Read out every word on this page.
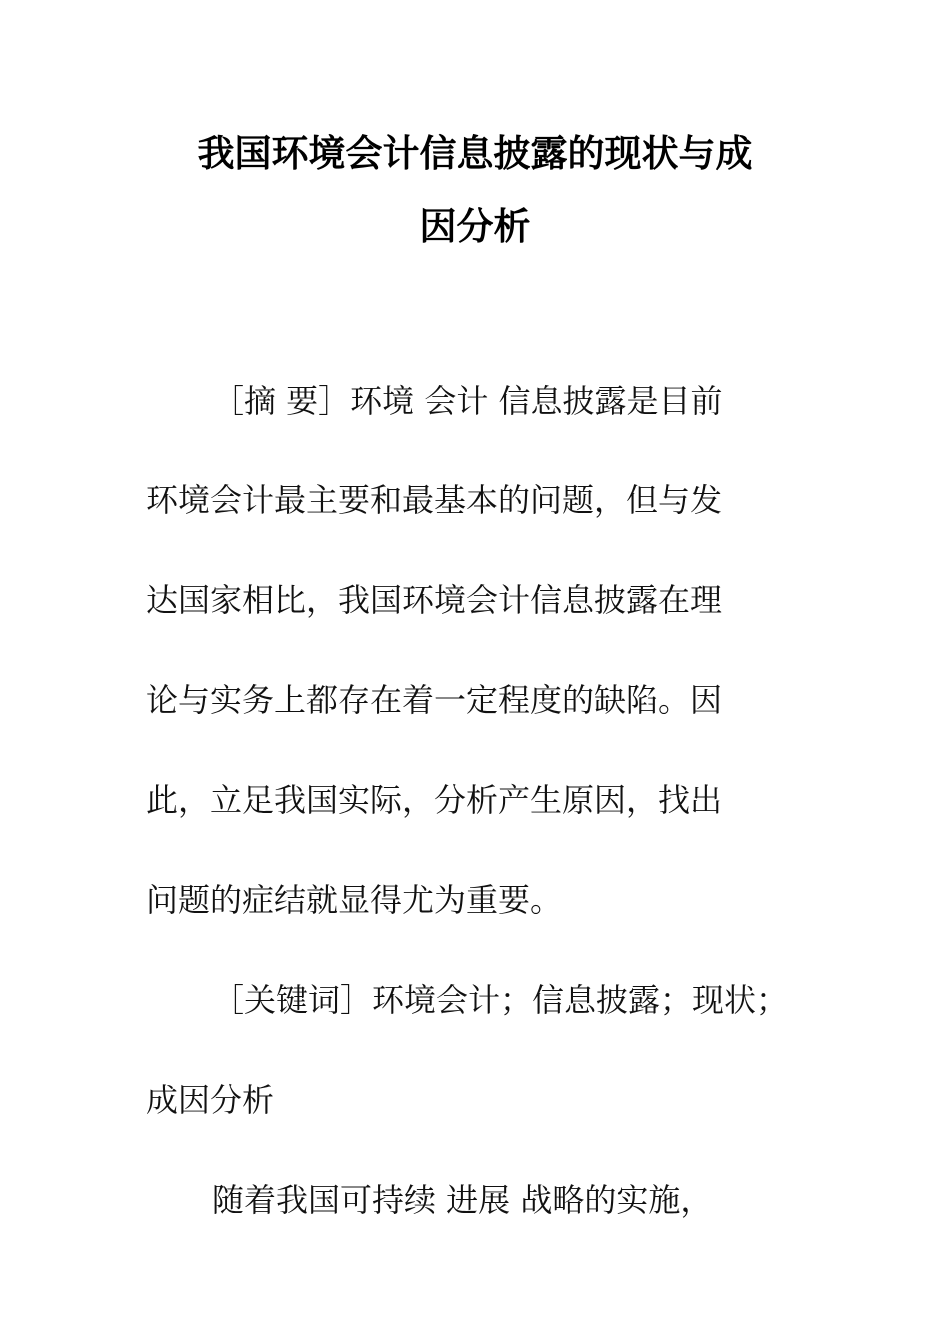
我国环境会计信息披露的现状与成
因分析
［摘 要］环境 会计 信息披露是目前
环境会计最主要和最基本的问题，但与发
达国家相比，我国环境会计信息披露在理
论与实务上都存在着一定程度的缺陷。因
此，立足我国实际，分析产生原因，找出
问题的症结就显得尤为重要。
［关键词］环境会计；信息披露；现状；
成因分析
随着我国可持续 进展 战略的实施，
